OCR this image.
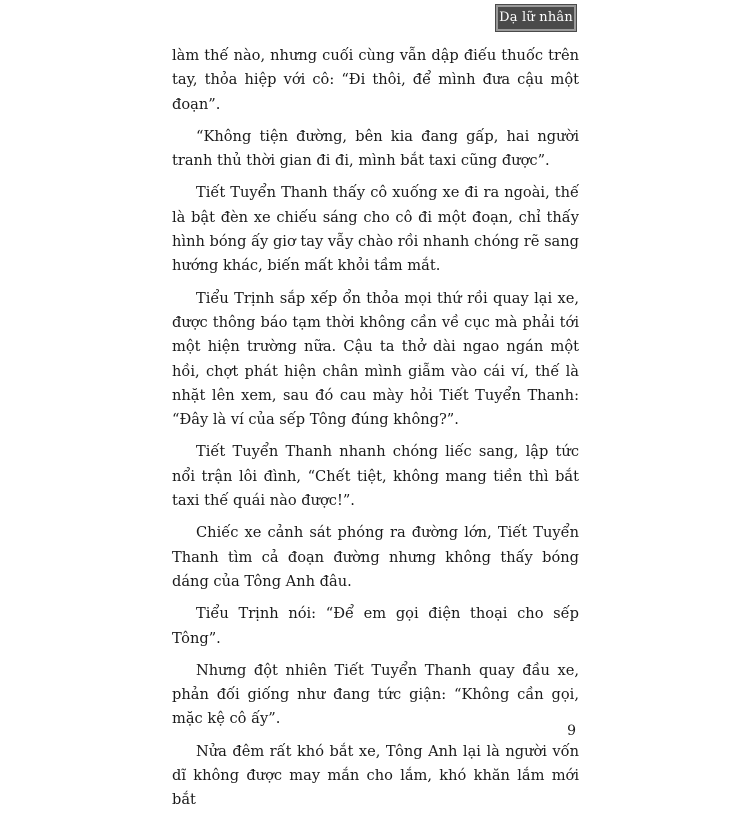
Dạ lữ nhân

làm thế nào, nhưng cuối cùng vẫn dập điếu thuốc trên tay, thỏa hiệp với cô: “Đi thôi, để mình đưa cậu một đoạn”.

“Không tiện đường, bên kia đang gấp, hai người tranh thủ thời gian đi đi, mình bắt taxi cũng được”.

Tiết Tuyển Thanh thấy cô xuống xe đi ra ngoài, thế là bật đèn xe chiếu sáng cho cô đi một đoạn, chỉ thấy hình bóng ấy giơ tay vẫy chào rồi nhanh chóng rẽ sang hướng khác, biến mất khỏi tầm mắt.

Tiểu Trịnh sắp xếp ổn thỏa mọi thứ rồi quay lại xe, được thông báo tạm thời không cần về cục mà phải tới một hiện trường nữa. Cậu ta thở dài ngao ngán một hồi, chợt phát hiện chân mình giẫm vào cái ví, thế là nhặt lên xem, sau đó cau mày hỏi Tiết Tuyển Thanh: “Đây là ví của sếp Tông đúng không?”.

Tiết Tuyển Thanh nhanh chóng liếc sang, lập tức nổi trận lôi đình, “Chết tiệt, không mang tiền thì bắt taxi thế quái nào được!”.

Chiếc xe cảnh sát phóng ra đường lớn, Tiết Tuyển Thanh tìm cả đoạn đường nhưng không thấy bóng dáng của Tông Anh đâu.

Tiểu Trịnh nói: “Để em gọi điện thoại cho sếp Tông”.

Nhưng đột nhiên Tiết Tuyển Thanh quay đầu xe, phản đối giống như đang tức giận: “Không cần gọi, mặc kệ cô ấy”.

Nửa đêm rất khó bắt xe, Tông Anh lại là người vốn dĩ không được may mắn cho lắm, khó khăn lắm mới bắt

9
